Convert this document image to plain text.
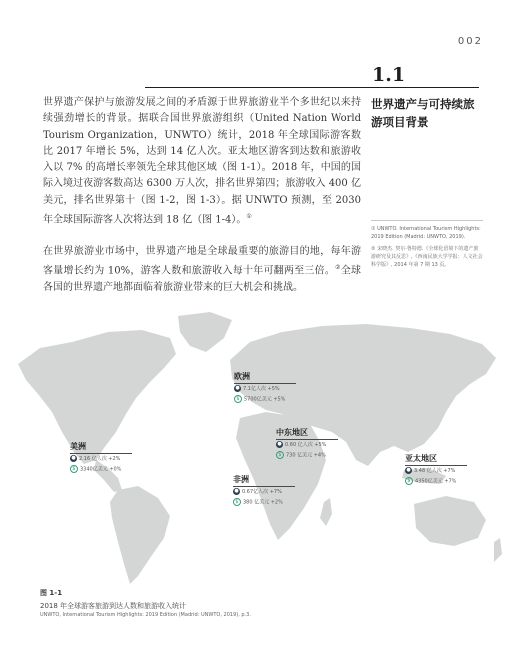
002
1.1
世界遗产与可持续旅游项目背景
世界遗产保护与旅游发展之间的矛盾源于世界旅游业半个多世纪以来持续强劲增长的背景。据联合国世界旅游组织（United Nation World Tourism Organization，UNWTO）统计，2018 年全球国际游客数比 2017 年增长 5%，达到 14 亿人次。亚太地区游客到达数和旅游收入以 7% 的高增长率领先全球其他区域（图 1-1）。2018 年，中国的国际入境过夜游客数高达 6300 万人次，排名世界第四；旅游收入 400 亿美元，排名世界第十（图 1-2，图 1-3）。据 UNWTO 预测，至 2030 年全球国际游客人次将达到 18 亿（图 1-4）。①
在世界旅游业市场中，世界遗产地是全球最重要的旅游目的地，每年游客量增长约为 10%，游客人数和旅游收入每十年可翻两至三倍。②全球各国的世界遗产地都面临着旅游业带来的巨大机会和挑战。
① UNWTO. International Tourism Highlights: 2019 Edition (Madrid: UNWTO, 2019).
② 宋晓杰. 契尔·鲁特德.《全球化语境下的遗产旅游研究及其反思》,《西南民族大学学报：人文社会科学版》, 2014 年第 7 期 13 页。
欧洲
● 7.1亿人次 +5%
$ 5700亿美元 +5%
美洲
● 2.16 亿人次 +2%
$ 3340亿美元 +0%
中东地区
● 0.60 亿人次 +5%
$ 730 亿美元 +4%
非洲
● 0.67亿人次 +7%
$ 380 亿美元 +2%
亚太地区
● 3.48 亿人次 +7%
$ 4350亿美元 +7%
图 1-1
2018 年全球游客旅游到达人数和旅游收入统计
UNWTO, International Tourism Highlights: 2019 Edition (Madrid: UNWTO, 2019), p.3.
